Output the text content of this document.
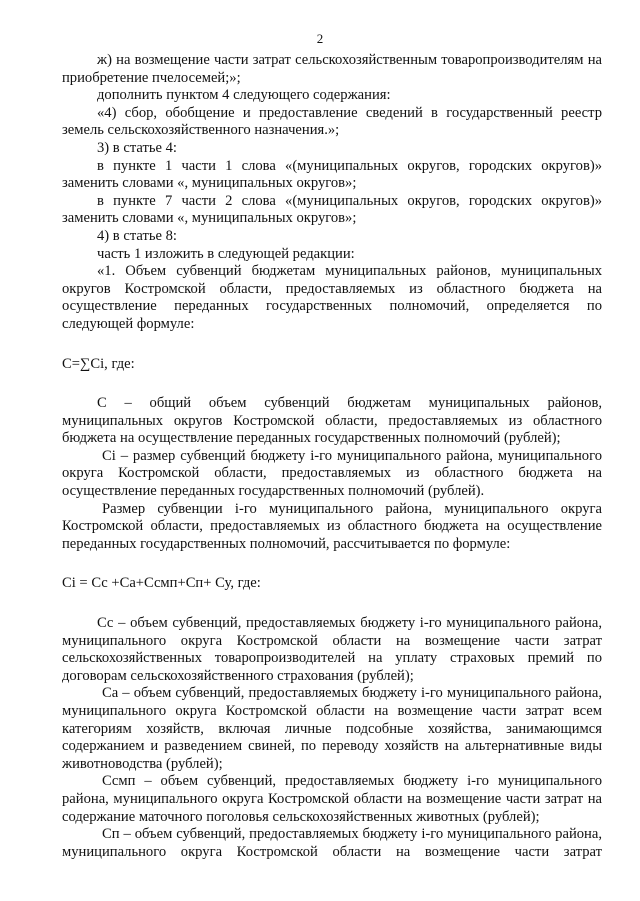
2

ж) на возмещение части затрат сельскохозяйственным товаропроизводителям на приобретение пчелосемей;»;

дополнить пунктом 4 следующего содержания:

«4) сбор, обобщение и предоставление сведений в государственный реестр земель сельскохозяйственного назначения.»;

3) в статье 4:

в пункте 1 части 1 слова «(муниципальных округов, городских округов)» заменить словами «, муниципальных округов»;

в пункте 7 части 2 слова «(муниципальных округов, городских округов)» заменить словами «, муниципальных округов»;

4) в статье 8:

часть 1 изложить в следующей редакции:

«1. Объем субвенций бюджетам муниципальных районов, муниципальных округов Костромской области, предоставляемых из областного бюджета на осуществление переданных государственных полномочий, определяется по следующей формуле:

C=∑Ci, где:

С – общий объем субвенций бюджетам муниципальных районов, муниципальных округов Костромской области, предоставляемых из областного бюджета на осуществление переданных государственных полномочий (рублей);

Ci – размер субвенций бюджету i-го муниципального района, муниципального округа Костромской области, предоставляемых из областного бюджета на осуществление переданных государственных полномочий (рублей).

Размер субвенции i-го муниципального района, муниципального округа Костромской области, предоставляемых из областного бюджета на осуществление переданных государственных полномочий, рассчитывается по формуле:

Ci = Сс +Са+Ссмп+Сп+ Су, где:

Сс – объем субвенций, предоставляемых бюджету i-го муниципального района, муниципального округа Костромской области на возмещение части затрат сельскохозяйственных товаропроизводителей на уплату страховых премий по договорам сельскохозяйственного страхования (рублей);

Са – объем субвенций, предоставляемых бюджету i-го муниципального района, муниципального округа Костромской области на возмещение части затрат всем категориям хозяйств, включая личные подсобные хозяйства, занимающимся содержанием и разведением свиней, по переводу хозяйств на альтернативные виды животноводства (рублей);

Ссмп – объем субвенций, предоставляемых бюджету i-го муниципального района, муниципального округа Костромской области на возмещение части затрат на содержание маточного поголовья сельскохозяйственных животных (рублей);

Сп – объем субвенций, предоставляемых бюджету i-го муниципального района, муниципального округа Костромской области на возмещение части затрат
